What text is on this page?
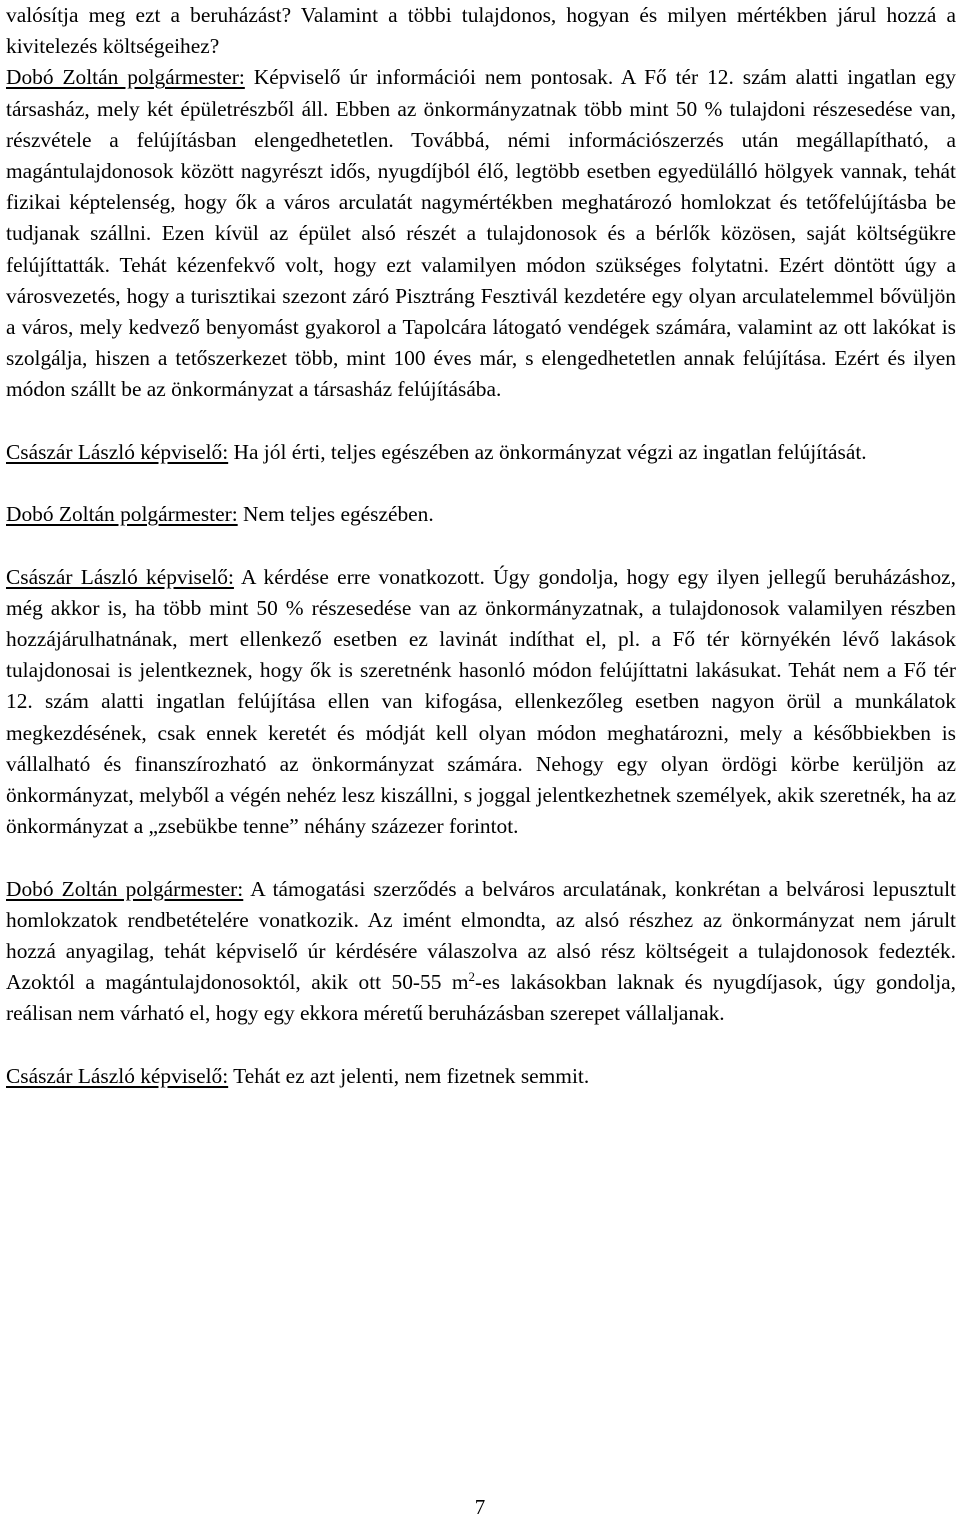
valósítja meg ezt a beruházást? Valamint a többi tulajdonos, hogyan és milyen mértékben járul hozzá a kivitelezés költségeihez?

Dobó Zoltán polgármester: Képviselő úr információi nem pontosak. A Fő tér 12. szám alatti ingatlan egy társasház, mely két épületrészből áll. Ebben az önkormányzatnak több mint 50 % tulajdoni részesedése van, részvétele a felújításban elengedhetetlen. Továbbá, némi információszerzés után megállapítható, a magántulajdonosok között nagyrészt idős, nyugdíjból élő, legtöbb esetben egyedülálló hölgyek vannak, tehát fizikai képtelenség, hogy ők a város arculatát nagymértékben meghatározó homlokzat és tetőfelújításba be tudjanak szállni. Ezen kívül az épület alsó részét a tulajdonosok és a bérlők közösen, saját költségükre felújíttatták. Tehát kézenfekvő volt, hogy ezt valamilyen módon szükséges folytatni. Ezért döntött úgy a városvezetés, hogy a turisztikai szezont záró Pisztráng Fesztivál kezdetére egy olyan arculatelemmel bővüljön a város, mely kedvező benyomást gyakorol a Tapolcára látogató vendégek számára, valamint az ott lakókat is szolgálja, hiszen a tetőszerkezet több, mint 100 éves már, s elengedhetetlen annak felújítása. Ezért és ilyen módon szállt be az önkormányzat a társasház felújításába.

Császár László képviselő: Ha jól érti, teljes egészében az önkormányzat végzi az ingatlan felújítását.

Dobó Zoltán polgármester: Nem teljes egészében.

Császár László képviselő: A kérdése erre vonatkozott. Úgy gondolja, hogy egy ilyen jellegű beruházáshoz, még akkor is, ha több mint 50 % részesedése van az önkormányzatnak, a tulajdonosok valamilyen részben hozzájárulhatnának, mert ellenkező esetben ez lavinát indíthat el, pl. a Fő tér környékén lévő lakások tulajdonosai is jelentkeznek, hogy ők is szeretnénk hasonló módon felújíttatni lakásukat. Tehát nem a Fő tér 12. szám alatti ingatlan felújítása ellen van kifogása, ellenkezőleg esetben nagyon örül a munkálatok megkezdésének, csak ennek keretét és módját kell olyan módon meghatározni, mely a későbbiekben is vállalható és finanszírozható az önkormányzat számára. Nehogy egy olyan ördögi körbe kerüljön az önkormányzat, melyből a végén nehéz lesz kiszállni, s joggal jelentkezhetnek személyek, akik szeretnék, ha az önkormányzat a „zsebükbe tenne” néhány százezer forintot.

Dobó Zoltán polgármester: A támogatási szerződés a belváros arculatának, konkrétan a belvárosi lepusztult homlokzatok rendbetételére vonatkozik. Az imént elmondta, az alsó részhez az önkormányzat nem járult hozzá anyagilag, tehát képviselő úr kérdésére válaszolva az alsó rész költségeit a tulajdonosok fedezték. Azoktól a magántulajdonosoktól, akik ott 50-55 $m^2-es$ lakásokban laknak és nyugdíjasok, úgy gondolja, reálisan nem várható el, hogy egy ekkora méretű beruházásban szerepet vállaljanak.

Császár László képviselő: Tehát ez azt jelenti, nem fizetnek semmit.

7
